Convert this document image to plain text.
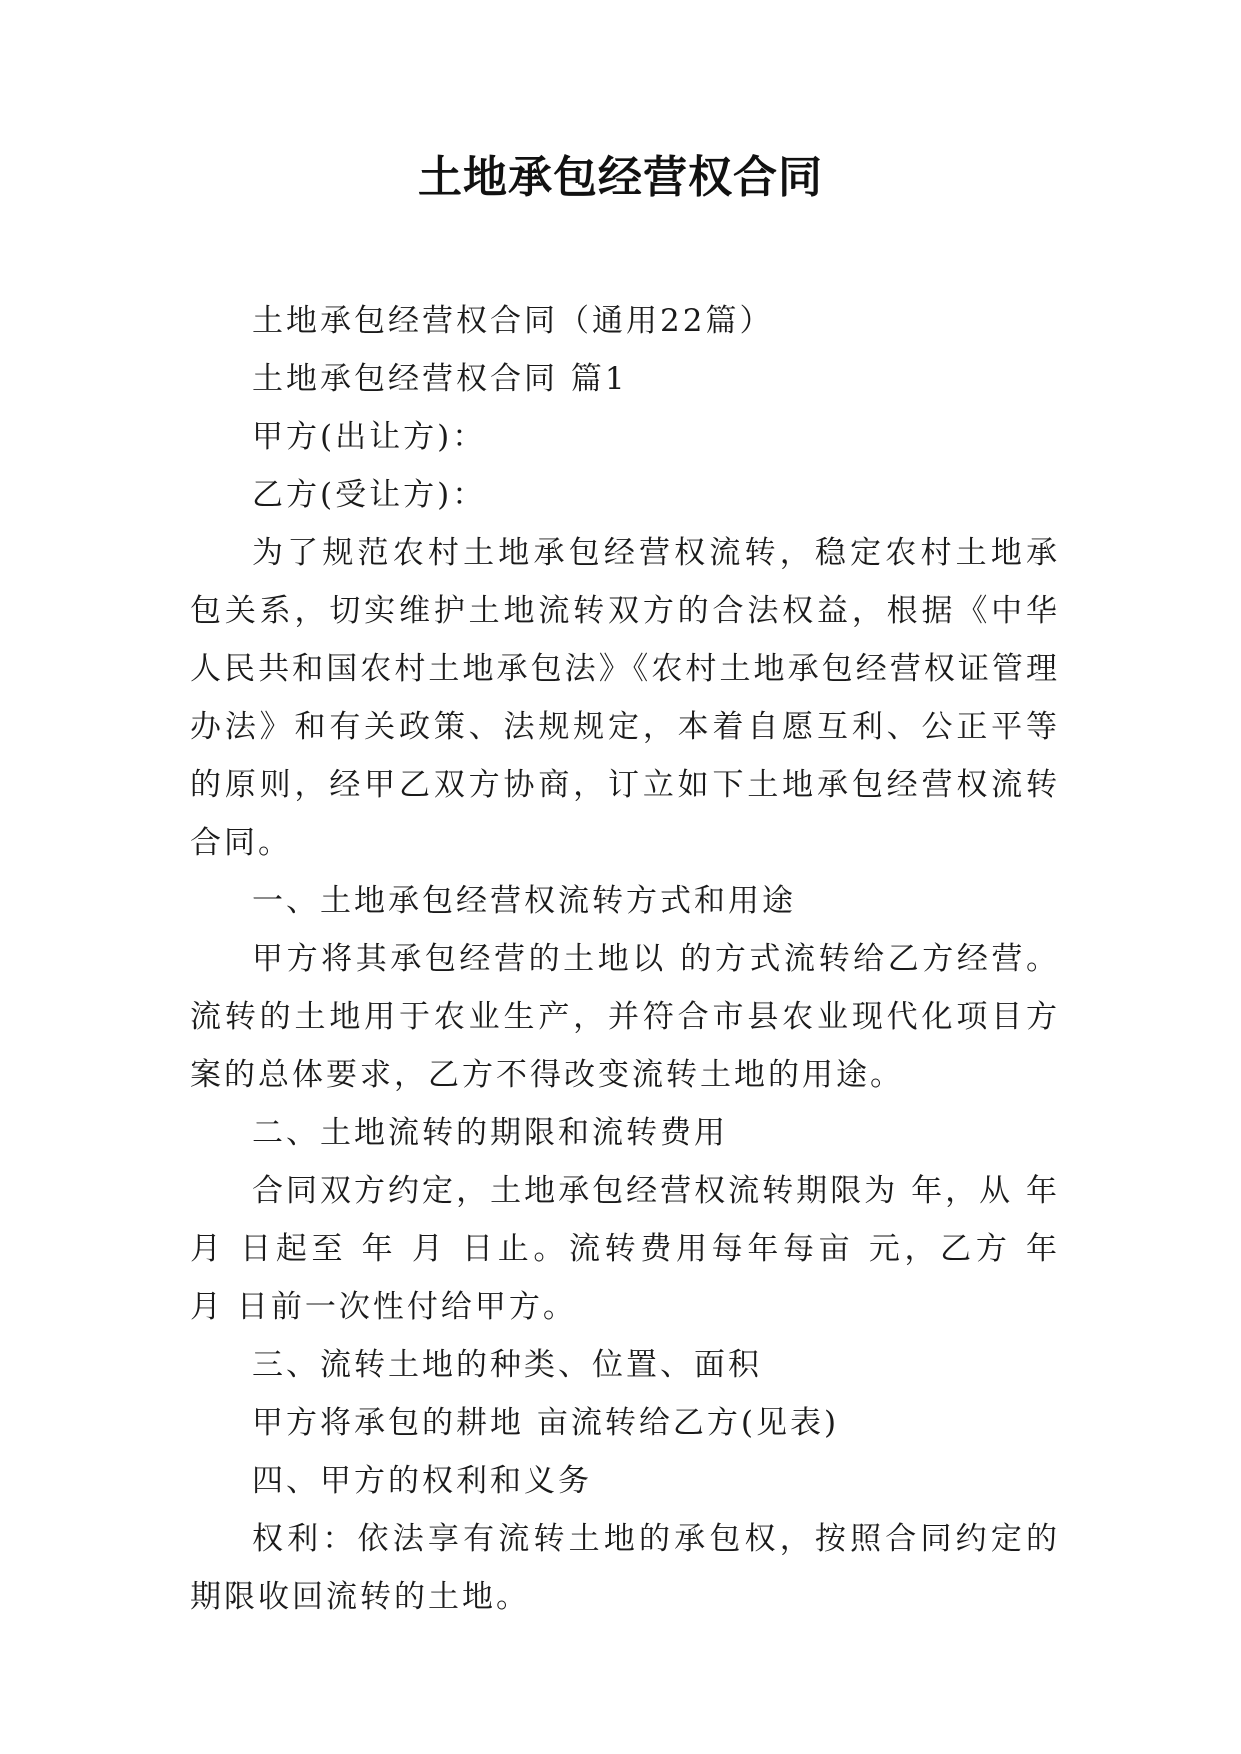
土地承包经营权合同

土地承包经营权合同（通用22篇）

土地承包经营权合同 篇1

甲方(出让方)：

乙方(受让方)：

为了规范农村土地承包经营权流转，稳定农村土地承包关系，切实维护土地流转双方的合法权益，根据《中华人民共和国农村土地承包法》《农村土地承包经营权证管理办法》和有关政策、法规规定，本着自愿互利、公正平等的原则，经甲乙双方协商，订立如下土地承包经营权流转合同。

一、土地承包经营权流转方式和用途

甲方将其承包经营的土地以 的方式流转给乙方经营。流转的土地用于农业生产，并符合市县农业现代化项目方案的总体要求，乙方不得改变流转土地的用途。

二、土地流转的期限和流转费用

合同双方约定，土地承包经营权流转期限为 年，从 年 月 日起至 年 月 日止。流转费用每年每亩 元，乙方 年 月 日前一次性付给甲方。

三、流转土地的种类、位置、面积

甲方将承包的耕地 亩流转给乙方(见表)

四、甲方的权利和义务

权利：依法享有流转土地的承包权，按照合同约定的期限收回流转的土地。
